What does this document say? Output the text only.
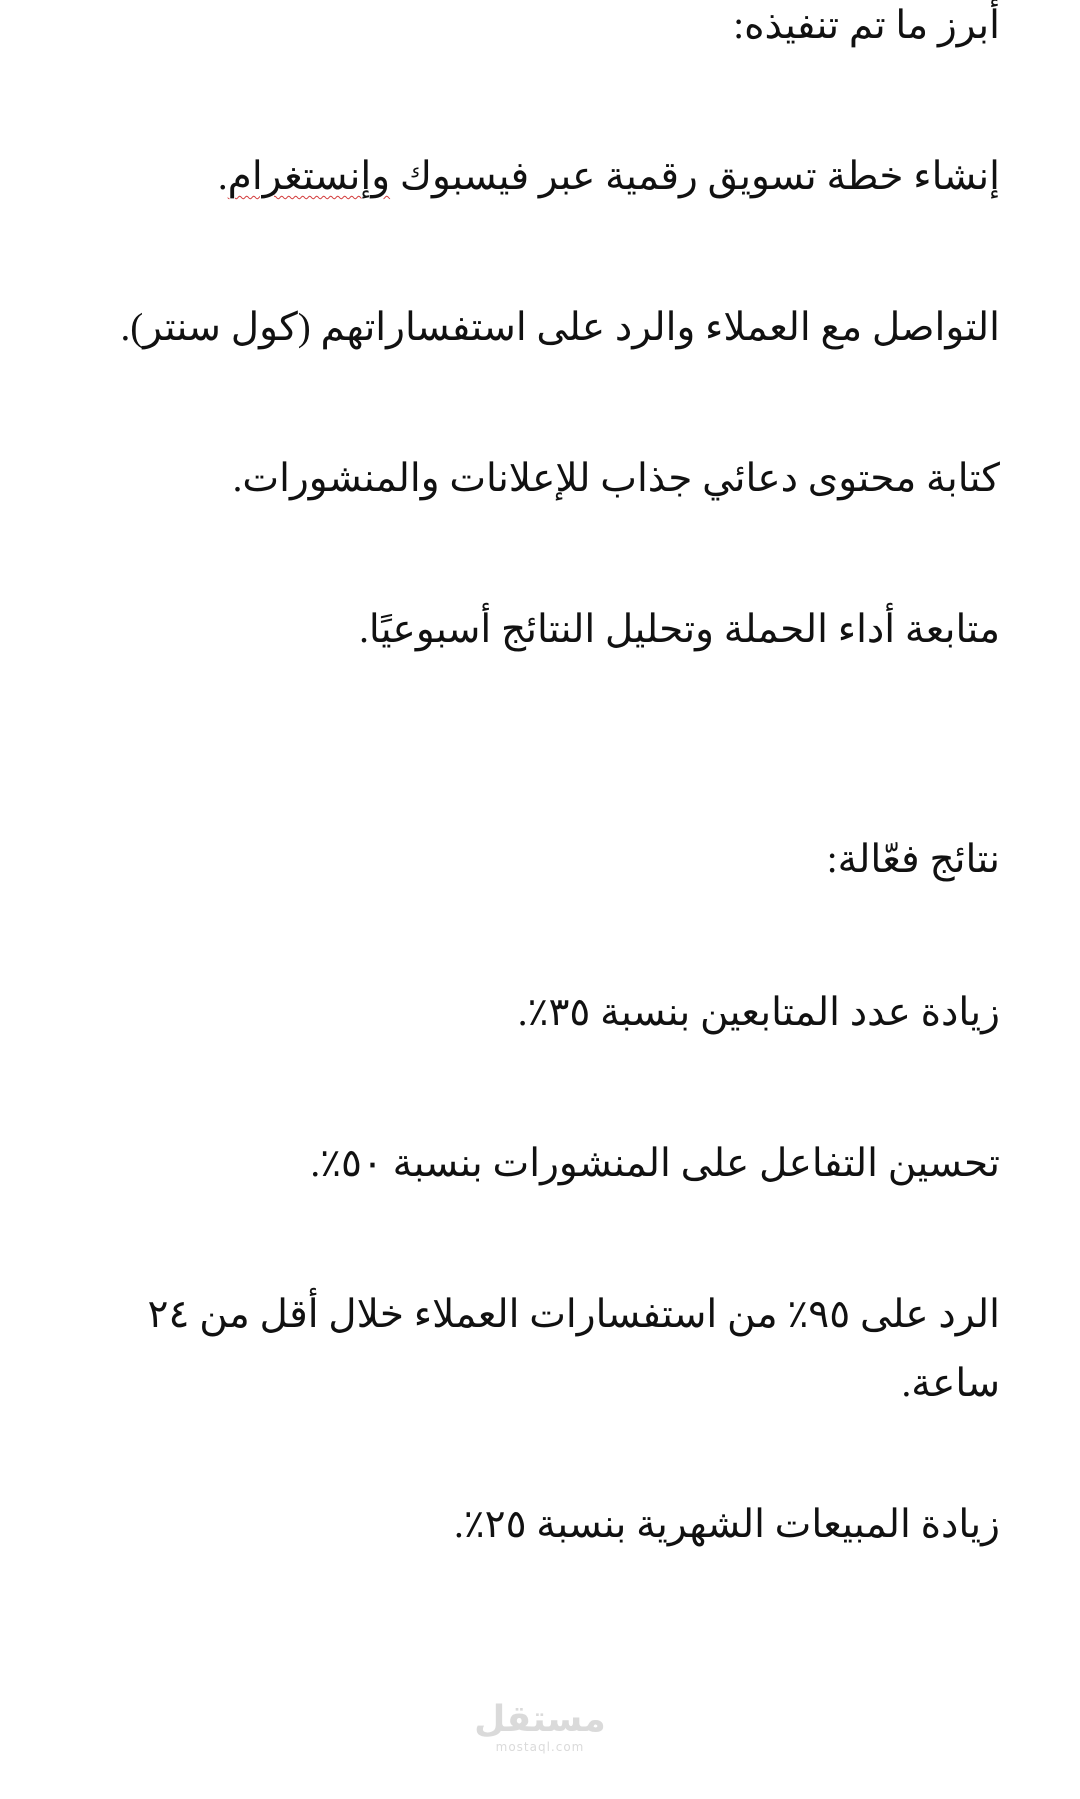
أبرز ما تم تنفيذه:
إنشاء خطة تسويق رقمية عبر فيسبوك وإنستغرام.
التواصل مع العملاء والرد على استفساراتهم (كول سنتر).
كتابة محتوى دعائي جذاب للإعلانات والمنشورات.
متابعة أداء الحملة وتحليل النتائج أسبوعيًا.
نتائج فعّالة:
زيادة عدد المتابعين بنسبة ٣٥٪.
تحسين التفاعل على المنشورات بنسبة ٥٠٪.
الرد على ٩٥٪ من استفسارات العملاء خلال أقل من ٢٤ ساعة.
زيادة المبيعات الشهرية بنسبة ٢٥٪.
مستقل
mostaql.com
